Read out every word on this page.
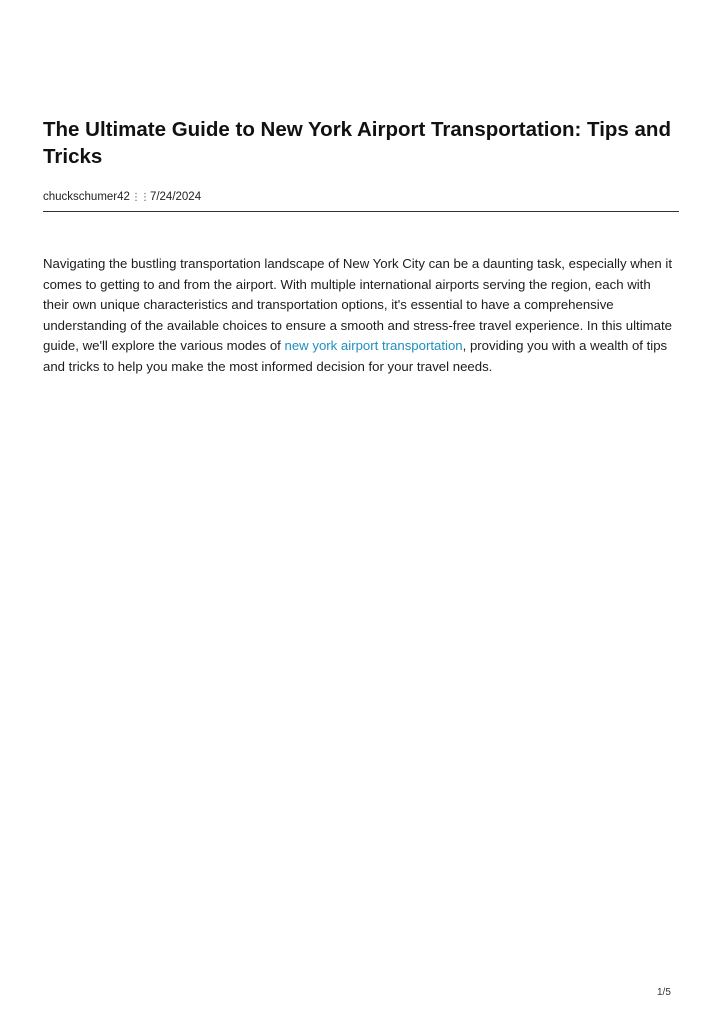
The Ultimate Guide to New York Airport Transportation: Tips and Tricks
chuckschumer42⋮⋮7/24/2024

Navigating the bustling transportation landscape of New York City can be a daunting task, especially when it comes to getting to and from the airport. With multiple international airports serving the region, each with their own unique characteristics and transportation options, it's essential to have a comprehensive understanding of the available choices to ensure a smooth and stress-free travel experience. In this ultimate guide, we'll explore the various modes of new york airport transportation, providing you with a wealth of tips and tricks to help you make the most informed decision for your travel needs.

1/5
